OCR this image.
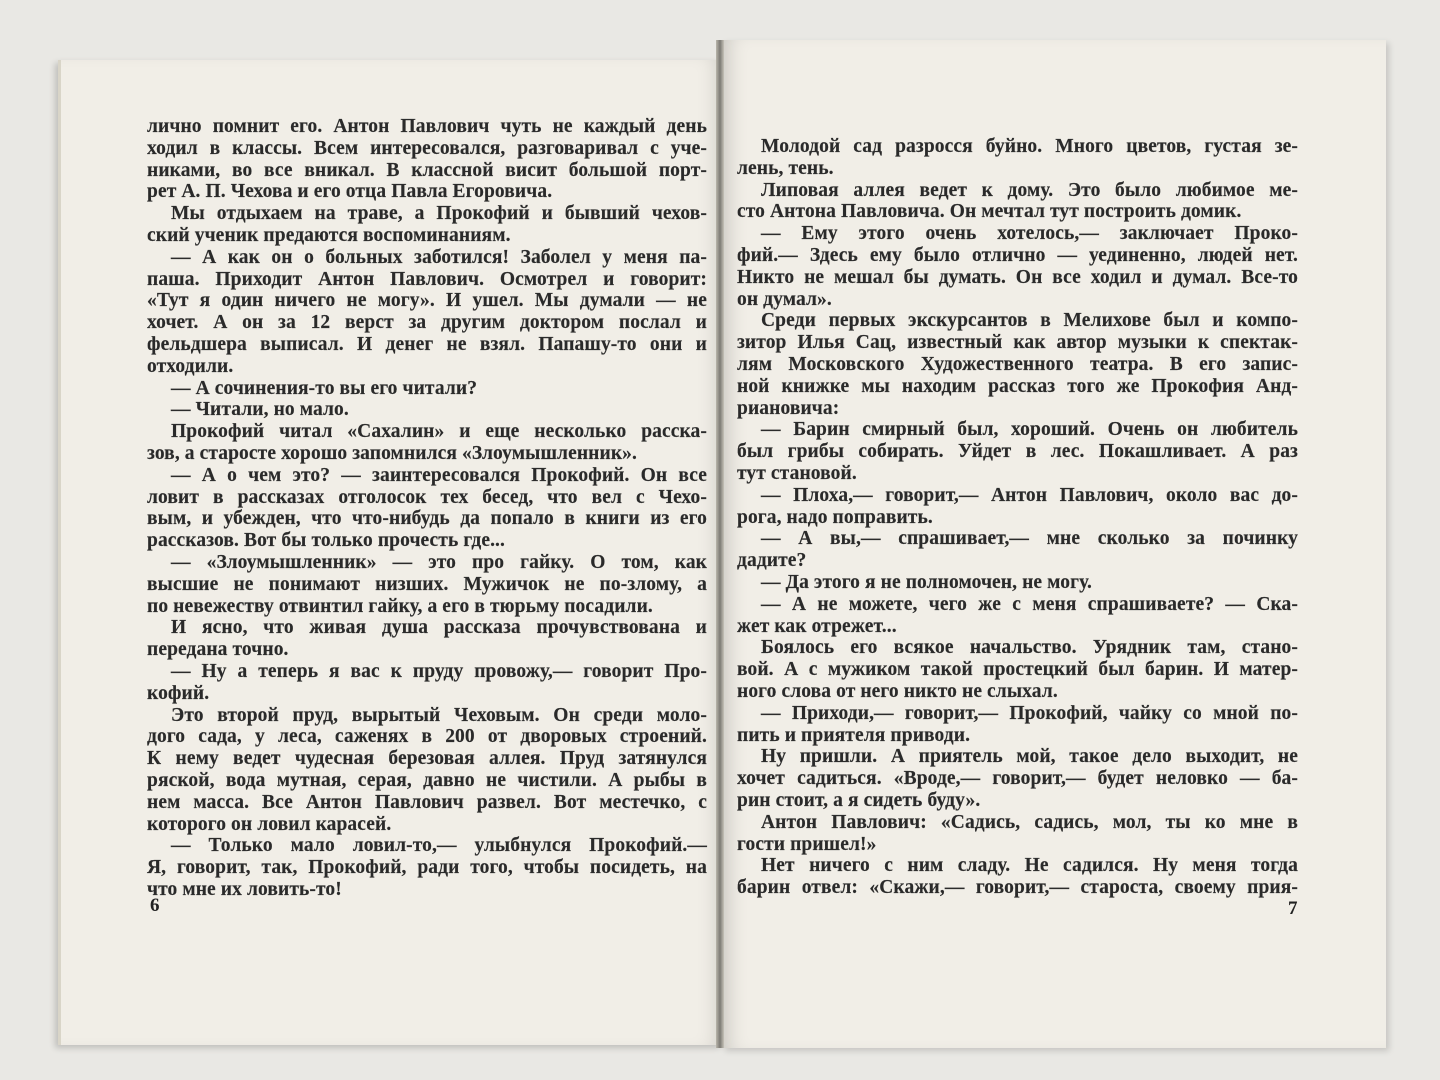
лично помнит его. Антон Павлович чуть не каждый день
ходил в классы. Всем интересовался, разговаривал с уче-
никами, во все вникал. В классной висит большой порт-
рет А. П. Чехова и его отца Павла Егоровича.
Мы отдыхаем на траве, а Прокофий и бывший чехов-
ский ученик предаются воспоминаниям.
— А как он о больных заботился! Заболел у меня па-
паша. Приходит Антон Павлович. Осмотрел и говорит:
«Тут я один ничего не могу». И ушел. Мы думали — не
хочет. А он за 12 верст за другим доктором послал и
фельдшера выписал. И денег не взял. Папашу-то они и
отходили.
— А сочинения-то вы его читали?
— Читали, но мало.
Прокофий читал «Сахалин» и еще несколько расска-
зов, а старосте хорошо запомнился «Злоумышленник».
— А о чем это? — заинтересовался Прокофий. Он все
ловит в рассказах отголосок тех бесед, что вел с Чехо-
вым, и убежден, что что-нибудь да попало в книги из его
рассказов. Вот бы только прочесть где...
— «Злоумышленник» — это про гайку. О том, как
высшие не понимают низших. Мужичок не по-злому, а
по невежеству отвинтил гайку, а его в тюрьму посадили.
И ясно, что живая душа рассказа прочувствована и
передана точно.
— Ну а теперь я вас к пруду провожу,— говорит Про-
кофий.
Это второй пруд, вырытый Чеховым. Он среди моло-
дого сада, у леса, саженях в 200 от дворовых строений.
К нему ведет чудесная березовая аллея. Пруд затянулся
ряской, вода мутная, серая, давно не чистили. А рыбы в
нем масса. Все Антон Павлович развел. Вот местечко, с
которого он ловил карасей.
— Только мало ловил-то,— улыбнулся Прокофий.—
Я, говорит, так, Прокофий, ради того, чтобы посидеть, на
что мне их ловить-то!
Молодой сад разросся буйно. Много цветов, густая зе-
лень, тень.
Липовая аллея ведет к дому. Это было любимое ме-
сто Антона Павловича. Он мечтал тут построить домик.
— Ему этого очень хотелось,— заключает Проко-
фий.— Здесь ему было отлично — уединенно, людей нет.
Никто не мешал бы думать. Он все ходил и думал. Все-то
он думал».
Среди первых экскурсантов в Мелихове был и компо-
зитор Илья Сац, известный как автор музыки к спектак-
лям Московского Художественного театра. В его запис-
ной книжке мы находим рассказ того же Прокофия Анд-
риановича:
— Барин смирный был, хороший. Очень он любитель
был грибы собирать. Уйдет в лес. Покашливает. А раз
тут становой.
— Плоха,— говорит,— Антон Павлович, около вас до-
рога, надо поправить.
— А вы,— спрашивает,— мне сколько за починку
дадите?
— Да этого я не полномочен, не могу.
— А не можете, чего же с меня спрашиваете? — Ска-
жет как отрежет...
Боялось его всякое начальство. Урядник там, стано-
вой. А с мужиком такой простецкий был барин. И матер-
ного слова от него никто не слыхал.
— Приходи,— говорит,— Прокофий, чайку со мной по-
пить и приятеля приводи.
Ну пришли. А приятель мой, такое дело выходит, не
хочет садиться. «Вроде,— говорит,— будет неловко — ба-
рин стоит, а я сидеть буду».
Антон Павлович: «Садись, садись, мол, ты ко мне в
гости пришел!»
Нет ничего с ним сладу. Не садился. Ну меня тогда
барин отвел: «Скажи,— говорит,— староста, своему прия-
6	7
